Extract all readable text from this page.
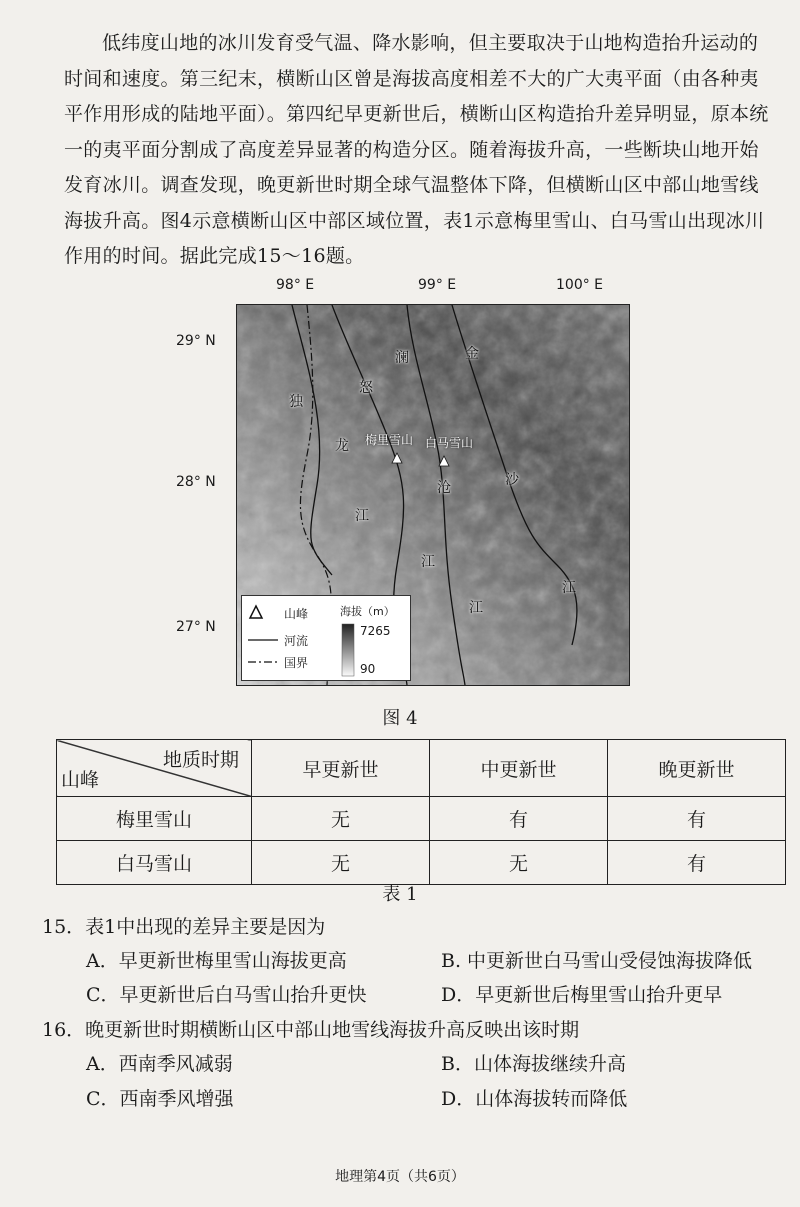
低纬度山地的冰川发育受气温、降水影响，但主要取决于山地构造抬升运动的时间和速度。第三纪末，横断山区曾是海拔高度相差不大的广大夷平面（由各种夷平作用形成的陆地平面）。第四纪早更新世后，横断山区构造抬升差异明显，原本统一的夷平面分割成了高度差异显著的构造分区。随着海拔升高，一些断块山地开始发育冰川。调查发现，晚更新世时期全球气温整体下降，但横断山区中部山地雪线海拔升高。图4示意横断山区中部区域位置，表1示意梅里雪山、白马雪山出现冰川作用的时间。据此完成15～16题。

98° E	99° E	100° E
29° N
28° N
27° N
独
龙
江
怒
江
澜
沧
江
金
沙
江
梅里雪山 白马雪山
山峰
河流
国界
海拔（m）
7265
90
图 4
地质时期
山峰	早更新世	中更新世	晚更新世
梅里雪山	无	有	有
白马雪山	无	无	有
表 1
15．表1中出现的差异主要是因为
A．早更新世梅里雪山海拔更高	B. 中更新世白马雪山受侵蚀海拔降低
C．早更新世后白马雪山抬升更快	D．早更新世后梅里雪山抬升更早
16．晚更新世时期横断山区中部山地雪线海拔升高反映出该时期
A．西南季风减弱	B．山体海拔继续升高
C．西南季风增强	D．山体海拔转而降低
地理第4页（共6页）
